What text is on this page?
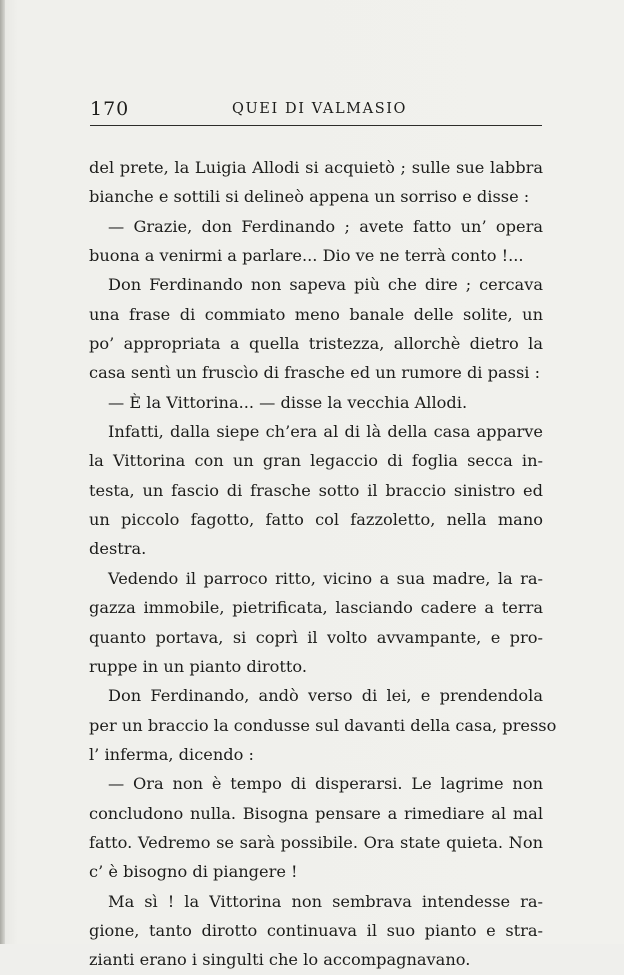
170	QUEI DI VALMASIO
del prete, la Luigia Allodi si acquietò ; sulle sue labbra
bianche e sottili si delineò appena un sorriso e disse :
— Grazie, don Ferdinando ; avete fatto un’ opera
buona a venirmi a parlare... Dio ve ne terrà conto !...
Don Ferdinando non sapeva più che dire ; cercava
una frase di commiato meno banale delle solite, un
po’ appropriata a quella tristezza, allorchè dietro la
casa sentì un fruscìo di frasche ed un rumore di passi :
— È la Vittorina... — disse la vecchia Allodi.
Infatti, dalla siepe ch’era al di là della casa apparve
la Vittorina con un gran legaccio di foglia secca in-
testa, un fascio di frasche sotto il braccio sinistro ed
un piccolo fagotto, fatto col fazzoletto, nella mano
destra.
Vedendo il parroco ritto, vicino a sua madre, la ra-
gazza immobile, pietrificata, lasciando cadere a terra
quanto portava, si coprì il volto avvampante, e pro-
ruppe in un pianto dirotto.
Don Ferdinando, andò verso di lei, e prendendola
per un braccio la condusse sul davanti della casa, presso
l’ inferma, dicendo :
— Ora non è tempo di disperarsi. Le lagrime non
concludono nulla. Bisogna pensare a rimediare al mal
fatto. Vedremo se sarà possibile. Ora state quieta. Non
c’ è bisogno di piangere !
Ma sì ! la Vittorina non sembrava intendesse ra-
gione, tanto dirotto continuava il suo pianto e stra-
zianti erano i singulti che lo accompagnavano.
